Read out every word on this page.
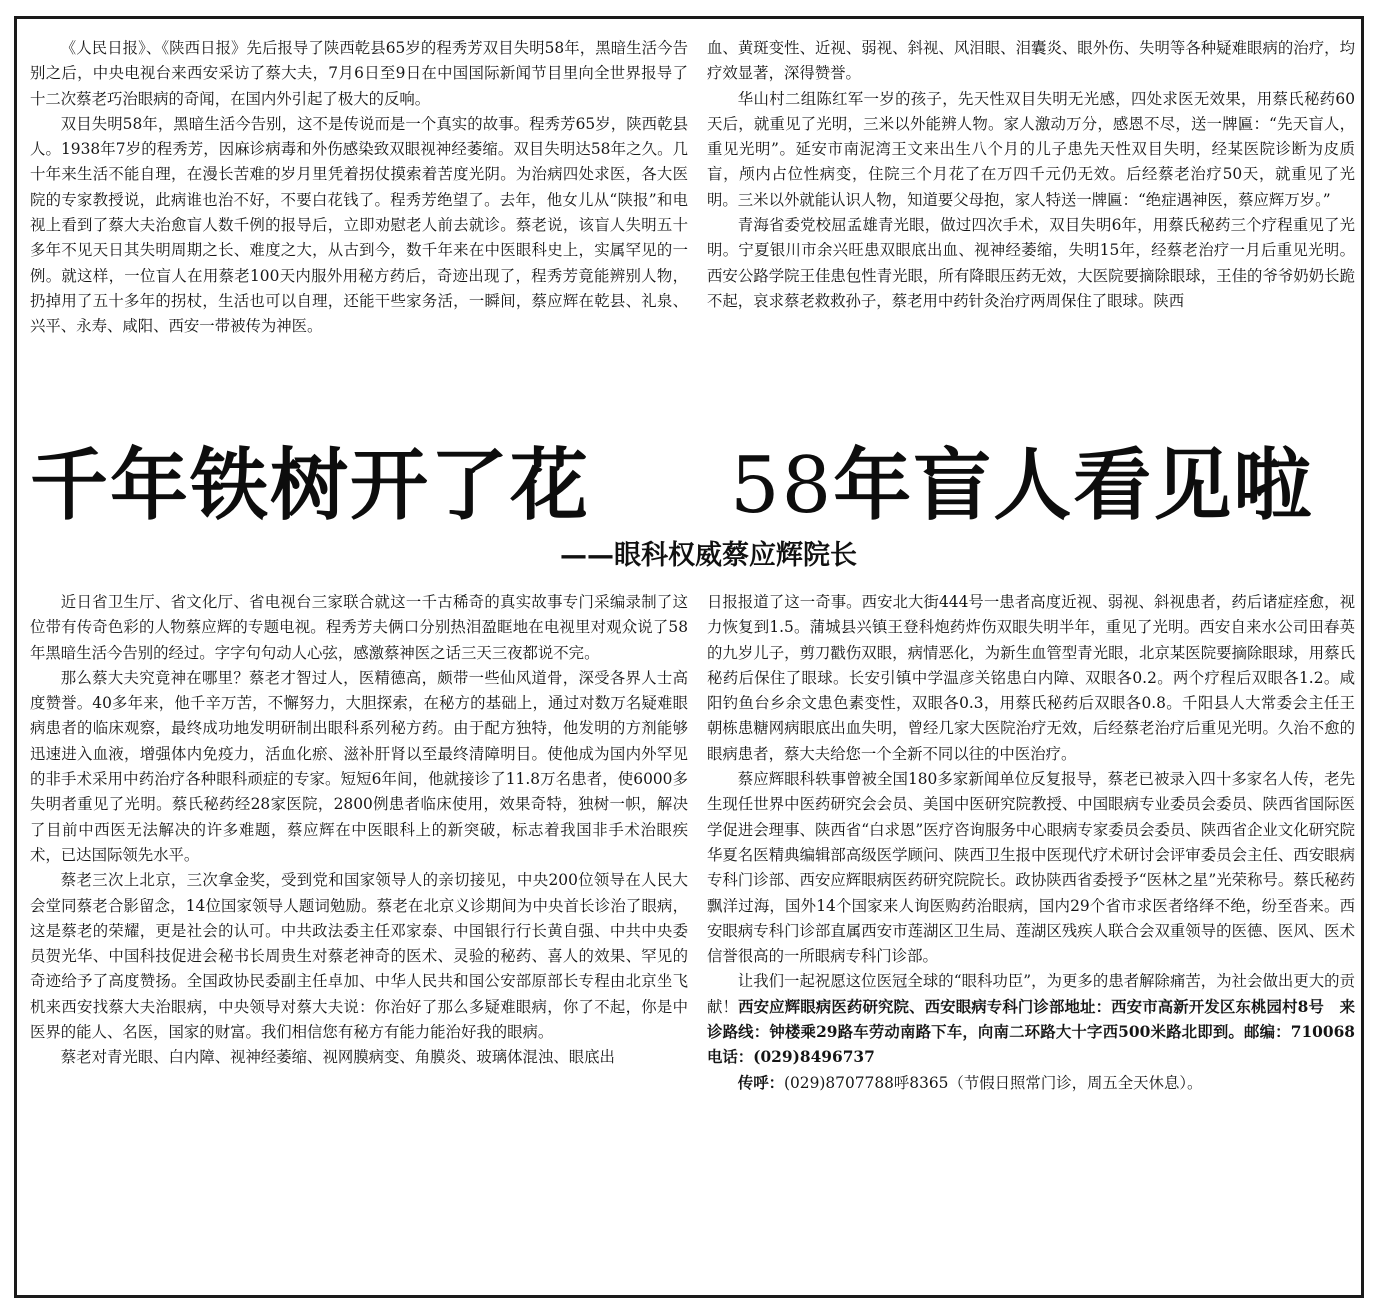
《人民日报》、《陕西日报》先后报导了陕西乾县65岁的程秀芳双目失明58年，黑暗生活今告别之后，中央电视台来西安采访了蔡大夫，7月6日至9日在中国国际新闻节目里向全世界报导了十二次蔡老巧治眼病的奇闻，在国内外引起了极大的反响。

双目失明58年，黑暗生活今告别，这不是传说而是一个真实的故事。程秀芳65岁，陕西乾县人。1938年7岁的程秀芳，因麻诊病毒和外伤感染致双眼视神经萎缩。双目失明达58年之久。几十年来生活不能自理，在漫长苦难的岁月里凭着拐仗摸索着苦度光阴。为治病四处求医，各大医院的专家教授说，此病谁也治不好，不要白花钱了。程秀芳绝望了。去年，他女儿从“陕报”和电视上看到了蔡大夫治愈盲人数千例的报导后，立即劝慰老人前去就诊。蔡老说，该盲人失明五十多年不见天日其失明周期之长、难度之大，从古到今，数千年来在中医眼科史上，实属罕见的一例。就这样，一位盲人在用蔡老100天内服外用秘方药后，奇迹出现了，程秀芳竟能辨别人物，扔掉用了五十多年的拐杖，生活也可以自理，还能干些家务活，一瞬间，蔡应辉在乾县、礼泉、兴平、永寿、咸阳、西安一带被传为神医。

血、黄斑变性、近视、弱视、斜视、风泪眼、泪囊炎、眼外伤、失明等各种疑难眼病的治疗，均疗效显著，深得赞誉。

华山村二组陈红军一岁的孩子，先天性双目失明无光感，四处求医无效果，用蔡氏秘药60天后，就重见了光明，三米以外能辨人物。家人激动万分，感恩不尽，送一牌匾：“先天盲人，重见光明”。延安市南泥湾王文来出生八个月的儿子患先天性双目失明，经某医院诊断为皮质盲，颅内占位性病变，住院三个月花了在万四千元仍无效。后经蔡老治疗50天，就重见了光明。三米以外就能认识人物，知道要父母抱，家人特送一牌匾：“绝症遇神医，蔡应辉万岁。”

青海省委党校屈孟雄青光眼，做过四次手术，双目失明6年，用蔡氏秘药三个疗程重见了光明。宁夏银川市余兴旺患双眼底出血、视神经萎缩，失明15年，经蔡老治疗一月后重见光明。西安公路学院王佳患包性青光眼，所有降眼压药无效，大医院要摘除眼球，王佳的爷爷奶奶长跪不起，哀求蔡老救救孙子，蔡老用中药针灸治疗两周保住了眼球。陕西

千年铁树开了花 58年盲人看见啦
——眼科权威蔡应辉院长

近日省卫生厅、省文化厅、省电视台三家联合就这一千古稀奇的真实故事专门采编录制了这位带有传奇色彩的人物蔡应辉的专题电视。程秀芳夫俩口分别热泪盈眶地在电视里对观众说了58年黑暗生活今告别的经过。字字句句动人心弦，感激蔡神医之话三天三夜都说不完。

那么蔡大夫究竟神在哪里？蔡老才智过人，医精德高，颇带一些仙风道骨，深受各界人士高度赞誉。40多年来，他千辛万苦，不懈努力，大胆探索，在秘方的基础上，通过对数万名疑难眼病患者的临床观察，最终成功地发明研制出眼科系列秘方药。由于配方独特，他发明的方剂能够迅速进入血液，增强体内免疫力，活血化瘀、滋补肝肾以至最终清障明目。使他成为国内外罕见的非手术采用中药治疗各种眼科顽症的专家。短短6年间，他就接诊了11.8万名患者，使6000多失明者重见了光明。蔡氏秘药经28家医院，2800例患者临床使用，效果奇特，独树一帜，解决了目前中西医无法解决的许多难题，蔡应辉在中医眼科上的新突破，标志着我国非手术治眼疾术，已达国际领先水平。

蔡老三次上北京，三次拿金奖，受到党和国家领导人的亲切接见，中央200位领导在人民大会堂同蔡老合影留念，14位国家领导人题词勉励。蔡老在北京义诊期间为中央首长诊治了眼病，这是蔡老的荣耀，更是社会的认可。中共政法委主任邓家泰、中国银行行长黄自强、中共中央委员贺光华、中国科技促进会秘书长周贵生对蔡老神奇的医术、灵验的秘药、喜人的效果、罕见的奇迹给予了高度赞扬。全国政协民委副主任卓加、中华人民共和国公安部原部长专程由北京坐飞机来西安找蔡大夫治眼病，中央领导对蔡大夫说：你治好了那么多疑难眼病，你了不起，你是中医界的能人、名医，国家的财富。我们相信您有秘方有能力能治好我的眼病。

蔡老对青光眼、白内障、视神经萎缩、视网膜病变、角膜炎、玻璃体混浊、眼底出

日报报道了这一奇事。西安北大街444号一患者高度近视、弱视、斜视患者，药后诸症痊愈，视力恢复到1.5。蒲城县兴镇王登科炮药炸伤双眼失明半年，重见了光明。西安自来水公司田春英的九岁儿子，剪刀戳伤双眼，病情恶化，为新生血管型青光眼，北京某医院要摘除眼球，用蔡氏秘药后保住了眼球。长安引镇中学温彦关铭患白内障、双眼各0.2。两个疗程后双眼各1.2。咸阳钓鱼台乡余文患色素变性，双眼各0.3，用蔡氏秘药后双眼各0.8。千阳县人大常委会主任王朝栋患糖网病眼底出血失明，曾经几家大医院治疗无效，后经蔡老治疗后重见光明。久治不愈的眼病患者，蔡大夫给您一个全新不同以往的中医治疗。

蔡应辉眼科轶事曾被全国180多家新闻单位反复报导，蔡老已被录入四十多家名人传，老先生现任世界中医药研究会会员、美国中医研究院教授、中国眼病专业委员会委员、陕西省国际医学促进会理事、陕西省“白求恩”医疗咨询服务中心眼病专家委员会委员、陕西省企业文化研究院华夏名医精典编辑部高级医学顾问、陕西卫生报中医现代疗术研讨会评审委员会主任、西安眼病专科门诊部、西安应辉眼病医药研究院院长。政协陕西省委授予“医林之星”光荣称号。蔡氏秘药飘洋过海，国外14个国家来人询医购药治眼病，国内29个省市求医者络绎不绝，纷至沓来。西安眼病专科门诊部直属西安市莲湖区卫生局、莲湖区残疾人联合会双重领导的医德、医风、医术信誉很高的一所眼病专科门诊部。

让我们一起祝愿这位医冠全球的“眼科功臣”，为更多的患者解除痛苦，为社会做出更大的贡献！西安应辉眼病医药研究院、西安眼病专科门诊部地址：西安市高新开发区东桃园村8号　来诊路线：钟楼乘29路车劳动南路下车，向南二环路大十字西500米路北即到。邮编：710068　电话：(029)8496737

传呼：(029)8707788呼8365（节假日照常门诊，周五全天休息）。
